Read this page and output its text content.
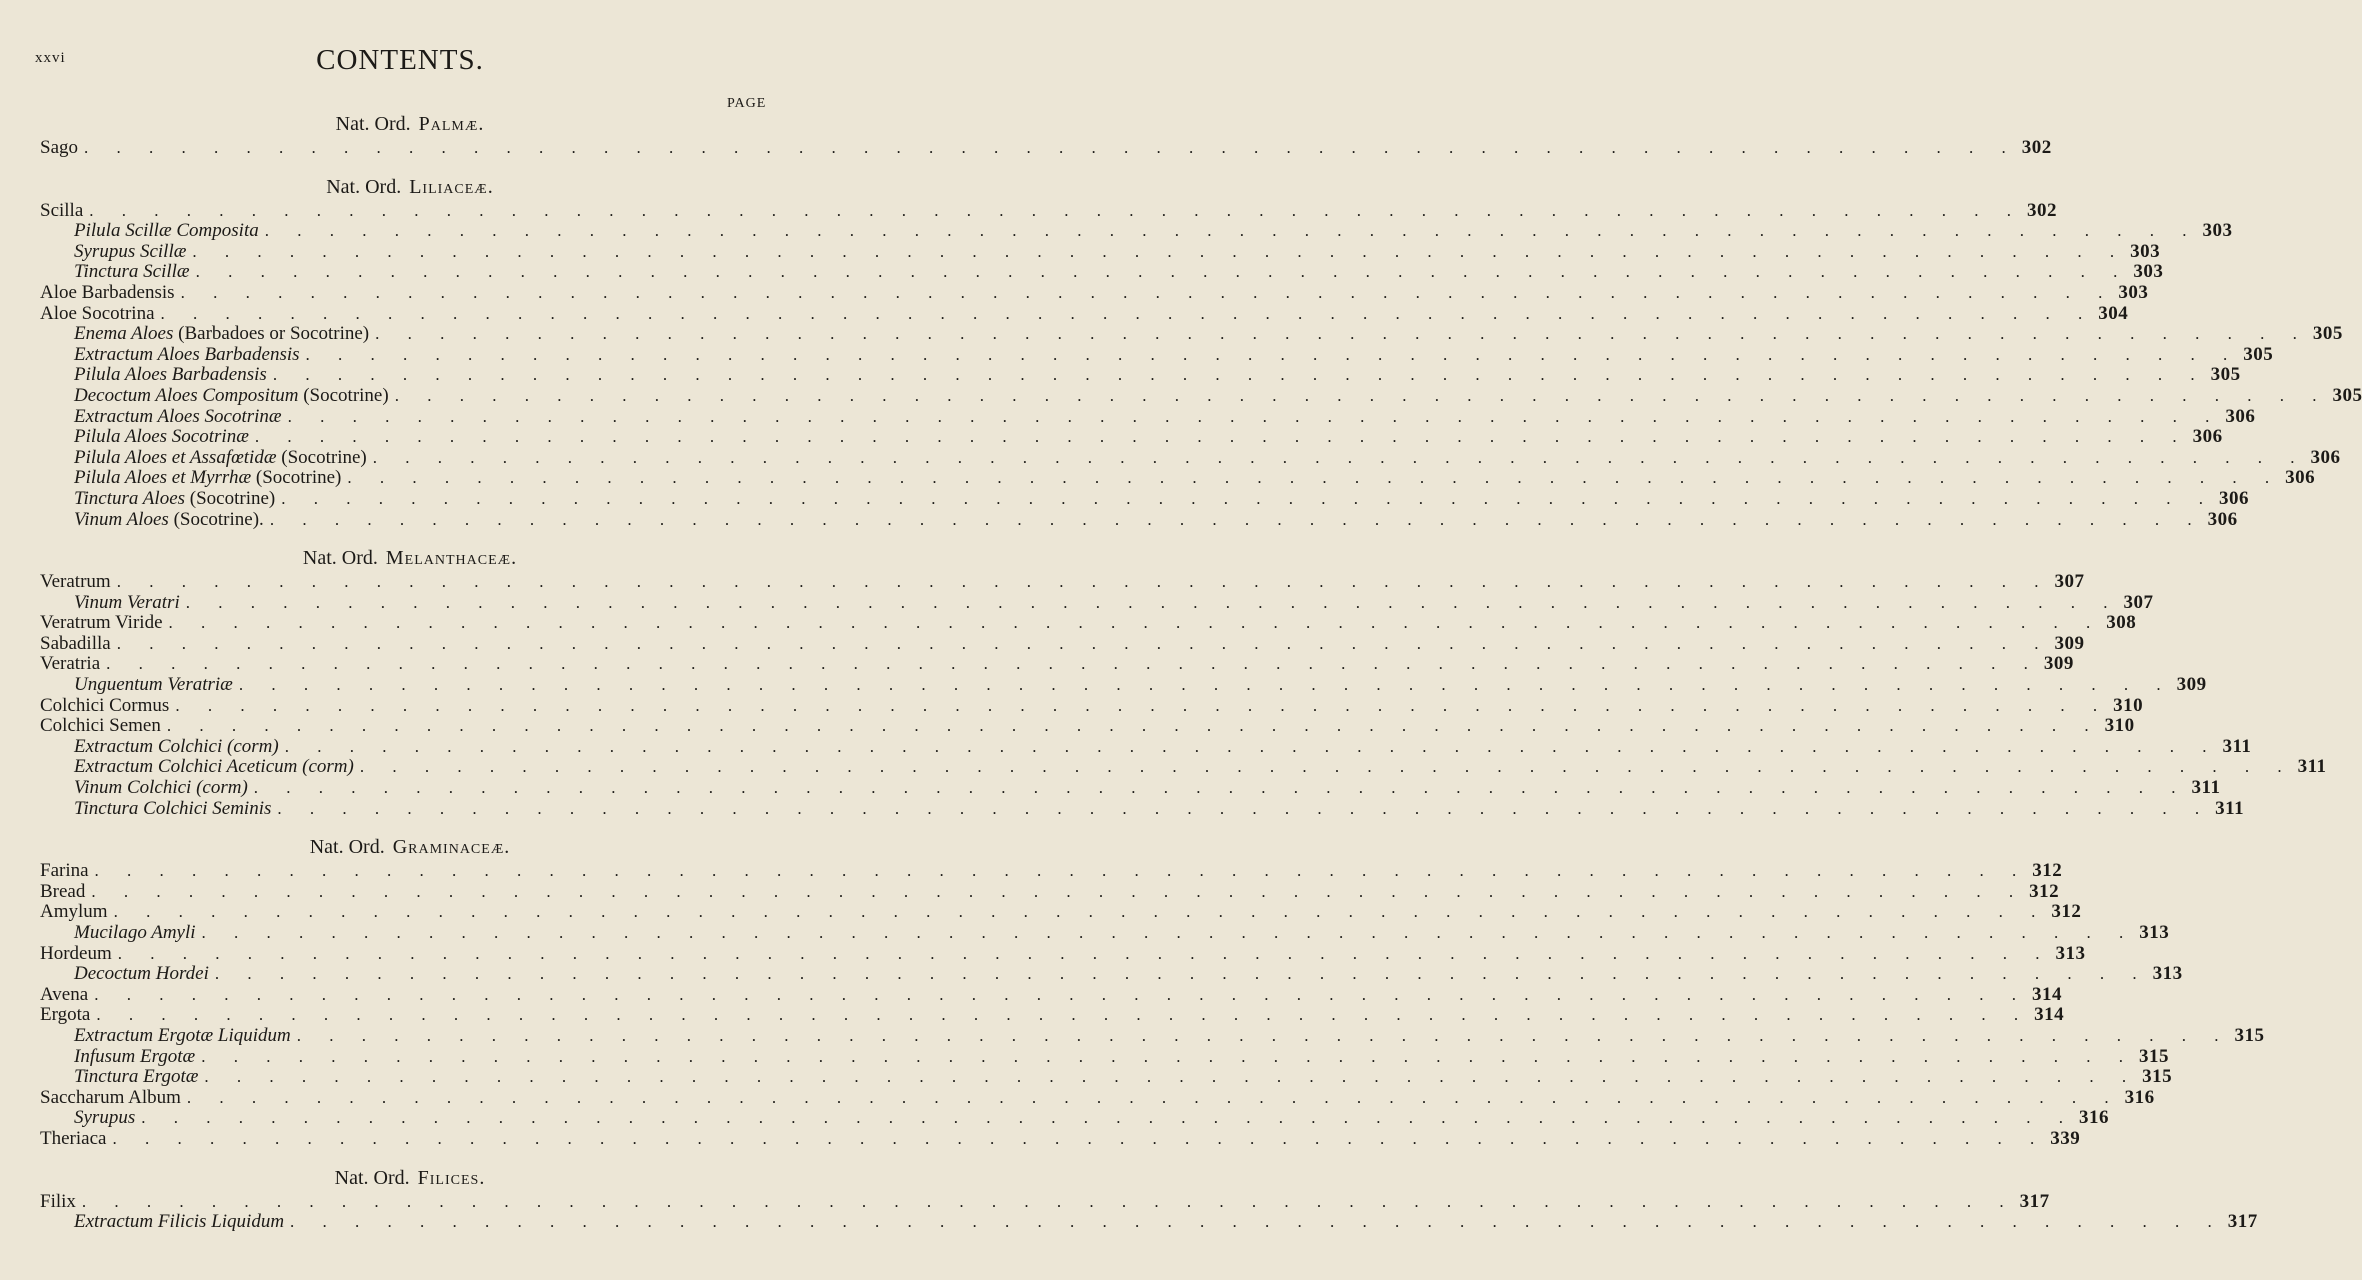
xxvi	CONTENTS.
PAGE
Nat. Ord. Palmæ.
Sago . . . . . . . . . . . . . . . . . . . . . . . . . . . . . . . . . . . . . . . . . . . . . . . . . . . . . . . . . . . . 302
Nat. Ord. Liliaceæ.
Scilla . . . . . . . . . . . . . . . . . . . . . . . . . . . . . . . . . . . . . . . . . . . . . . . . . . . . . . . . . . . . 302
Pilula Scillæ Composita . . . . . . . . . . . . . . . . . . . . . . . . . . . . . . . . . . . . . . . . . . . . . . . . . . . . . . . . . . . . 303
Syrupus Scillæ . . . . . . . . . . . . . . . . . . . . . . . . . . . . . . . . . . . . . . . . . . . . . . . . . . . . . . . . . . . . 303
Tinctura Scillæ . . . . . . . . . . . . . . . . . . . . . . . . . . . . . . . . . . . . . . . . . . . . . . . . . . . . . . . . . . . . 303
Aloe Barbadensis . . . . . . . . . . . . . . . . . . . . . . . . . . . . . . . . . . . . . . . . . . . . . . . . . . . . . . . . . . . . 303
Aloe Socotrina . . . . . . . . . . . . . . . . . . . . . . . . . . . . . . . . . . . . . . . . . . . . . . . . . . . . . . . . . . . . 304
Enema Aloes (Barbadoes or Socotrine) . . . . . . . . . . . . . . . . . . . . . . . . . . . . . . . . . . . . . . . . . . . . . . . . . . . . . . . . . . . . 305
Extractum Aloes Barbadensis . . . . . . . . . . . . . . . . . . . . . . . . . . . . . . . . . . . . . . . . . . . . . . . . . . . . . . . . . . . . 305
Pilula Aloes Barbadensis . . . . . . . . . . . . . . . . . . . . . . . . . . . . . . . . . . . . . . . . . . . . . . . . . . . . . . . . . . . . 305
Decoctum Aloes Compositum (Socotrine) . . . . . . . . . . . . . . . . . . . . . . . . . . . . . . . . . . . . . . . . . . . . . . . . . . . . . . . . . . . . 305
Extractum Aloes Socotrinæ . . . . . . . . . . . . . . . . . . . . . . . . . . . . . . . . . . . . . . . . . . . . . . . . . . . . . . . . . . . . 306
Pilula Aloes Socotrinæ . . . . . . . . . . . . . . . . . . . . . . . . . . . . . . . . . . . . . . . . . . . . . . . . . . . . . . . . . . . . 306
Pilula Aloes et Assafœtidæ (Socotrine) . . . . . . . . . . . . . . . . . . . . . . . . . . . . . . . . . . . . . . . . . . . . . . . . . . . . . . . . . . . . 306
Pilula Aloes et Myrrhæ (Socotrine) . . . . . . . . . . . . . . . . . . . . . . . . . . . . . . . . . . . . . . . . . . . . . . . . . . . . . . . . . . . . 306
Tinctura Aloes (Socotrine) . . . . . . . . . . . . . . . . . . . . . . . . . . . . . . . . . . . . . . . . . . . . . . . . . . . . . . . . . . . . 306
Vinum Aloes (Socotrine). . . . . . . . . . . . . . . . . . . . . . . . . . . . . . . . . . . . . . . . . . . . . . . . . . . . . . . . . . . . . 306
Nat. Ord. Melanthaceæ.
Veratrum . . . . . . . . . . . . . . . . . . . . . . . . . . . . . . . . . . . . . . . . . . . . . . . . . . . . . . . . . . . . 307
Vinum Veratri . . . . . . . . . . . . . . . . . . . . . . . . . . . . . . . . . . . . . . . . . . . . . . . . . . . . . . . . . . . . 307
Veratrum Viride . . . . . . . . . . . . . . . . . . . . . . . . . . . . . . . . . . . . . . . . . . . . . . . . . . . . . . . . . . . . 308
Sabadilla . . . . . . . . . . . . . . . . . . . . . . . . . . . . . . . . . . . . . . . . . . . . . . . . . . . . . . . . . . . . 309
Veratria . . . . . . . . . . . . . . . . . . . . . . . . . . . . . . . . . . . . . . . . . . . . . . . . . . . . . . . . . . . . 309
Unguentum Veratriæ . . . . . . . . . . . . . . . . . . . . . . . . . . . . . . . . . . . . . . . . . . . . . . . . . . . . . . . . . . . . 309
Colchici Cormus . . . . . . . . . . . . . . . . . . . . . . . . . . . . . . . . . . . . . . . . . . . . . . . . . . . . . . . . . . . . 310
Colchici Semen . . . . . . . . . . . . . . . . . . . . . . . . . . . . . . . . . . . . . . . . . . . . . . . . . . . . . . . . . . . . 310
Extractum Colchici (corm) . . . . . . . . . . . . . . . . . . . . . . . . . . . . . . . . . . . . . . . . . . . . . . . . . . . . . . . . . . . . 311
Extractum Colchici Aceticum (corm) . . . . . . . . . . . . . . . . . . . . . . . . . . . . . . . . . . . . . . . . . . . . . . . . . . . . . . . . . . . . 311
Vinum Colchici (corm) . . . . . . . . . . . . . . . . . . . . . . . . . . . . . . . . . . . . . . . . . . . . . . . . . . . . . . . . . . . . 311
Tinctura Colchici Seminis . . . . . . . . . . . . . . . . . . . . . . . . . . . . . . . . . . . . . . . . . . . . . . . . . . . . . . . . . . . . 311
Nat. Ord. Graminaceæ.
Farina . . . . . . . . . . . . . . . . . . . . . . . . . . . . . . . . . . . . . . . . . . . . . . . . . . . . . . . . . . . . 312
Bread . . . . . . . . . . . . . . . . . . . . . . . . . . . . . . . . . . . . . . . . . . . . . . . . . . . . . . . . . . . . 312
Amylum . . . . . . . . . . . . . . . . . . . . . . . . . . . . . . . . . . . . . . . . . . . . . . . . . . . . . . . . . . . . 312
Mucilago Amyli . . . . . . . . . . . . . . . . . . . . . . . . . . . . . . . . . . . . . . . . . . . . . . . . . . . . . . . . . . . . 313
Hordeum . . . . . . . . . . . . . . . . . . . . . . . . . . . . . . . . . . . . . . . . . . . . . . . . . . . . . . . . . . . . 313
Decoctum Hordei . . . . . . . . . . . . . . . . . . . . . . . . . . . . . . . . . . . . . . . . . . . . . . . . . . . . . . . . . . . . 313
Avena . . . . . . . . . . . . . . . . . . . . . . . . . . . . . . . . . . . . . . . . . . . . . . . . . . . . . . . . . . . . 314
Ergota . . . . . . . . . . . . . . . . . . . . . . . . . . . . . . . . . . . . . . . . . . . . . . . . . . . . . . . . . . . . 314
Extractum Ergotæ Liquidum . . . . . . . . . . . . . . . . . . . . . . . . . . . . . . . . . . . . . . . . . . . . . . . . . . . . . . . . . . . . 315
Infusum Ergotæ . . . . . . . . . . . . . . . . . . . . . . . . . . . . . . . . . . . . . . . . . . . . . . . . . . . . . . . . . . . . 315
Tinctura Ergotæ . . . . . . . . . . . . . . . . . . . . . . . . . . . . . . . . . . . . . . . . . . . . . . . . . . . . . . . . . . . . 315
Saccharum Album . . . . . . . . . . . . . . . . . . . . . . . . . . . . . . . . . . . . . . . . . . . . . . . . . . . . . . . . . . . . 316
Syrupus . . . . . . . . . . . . . . . . . . . . . . . . . . . . . . . . . . . . . . . . . . . . . . . . . . . . . . . . . . . . 316
Theriaca . . . . . . . . . . . . . . . . . . . . . . . . . . . . . . . . . . . . . . . . . . . . . . . . . . . . . . . . . . . . 339
Nat. Ord. Filices.
Filix . . . . . . . . . . . . . . . . . . . . . . . . . . . . . . . . . . . . . . . . . . . . . . . . . . . . . . . . . . . . 317
Extractum Filicis Liquidum . . . . . . . . . . . . . . . . . . . . . . . . . . . . . . . . . . . . . . . . . . . . . . . . . . . . . . . . . . . . 317
